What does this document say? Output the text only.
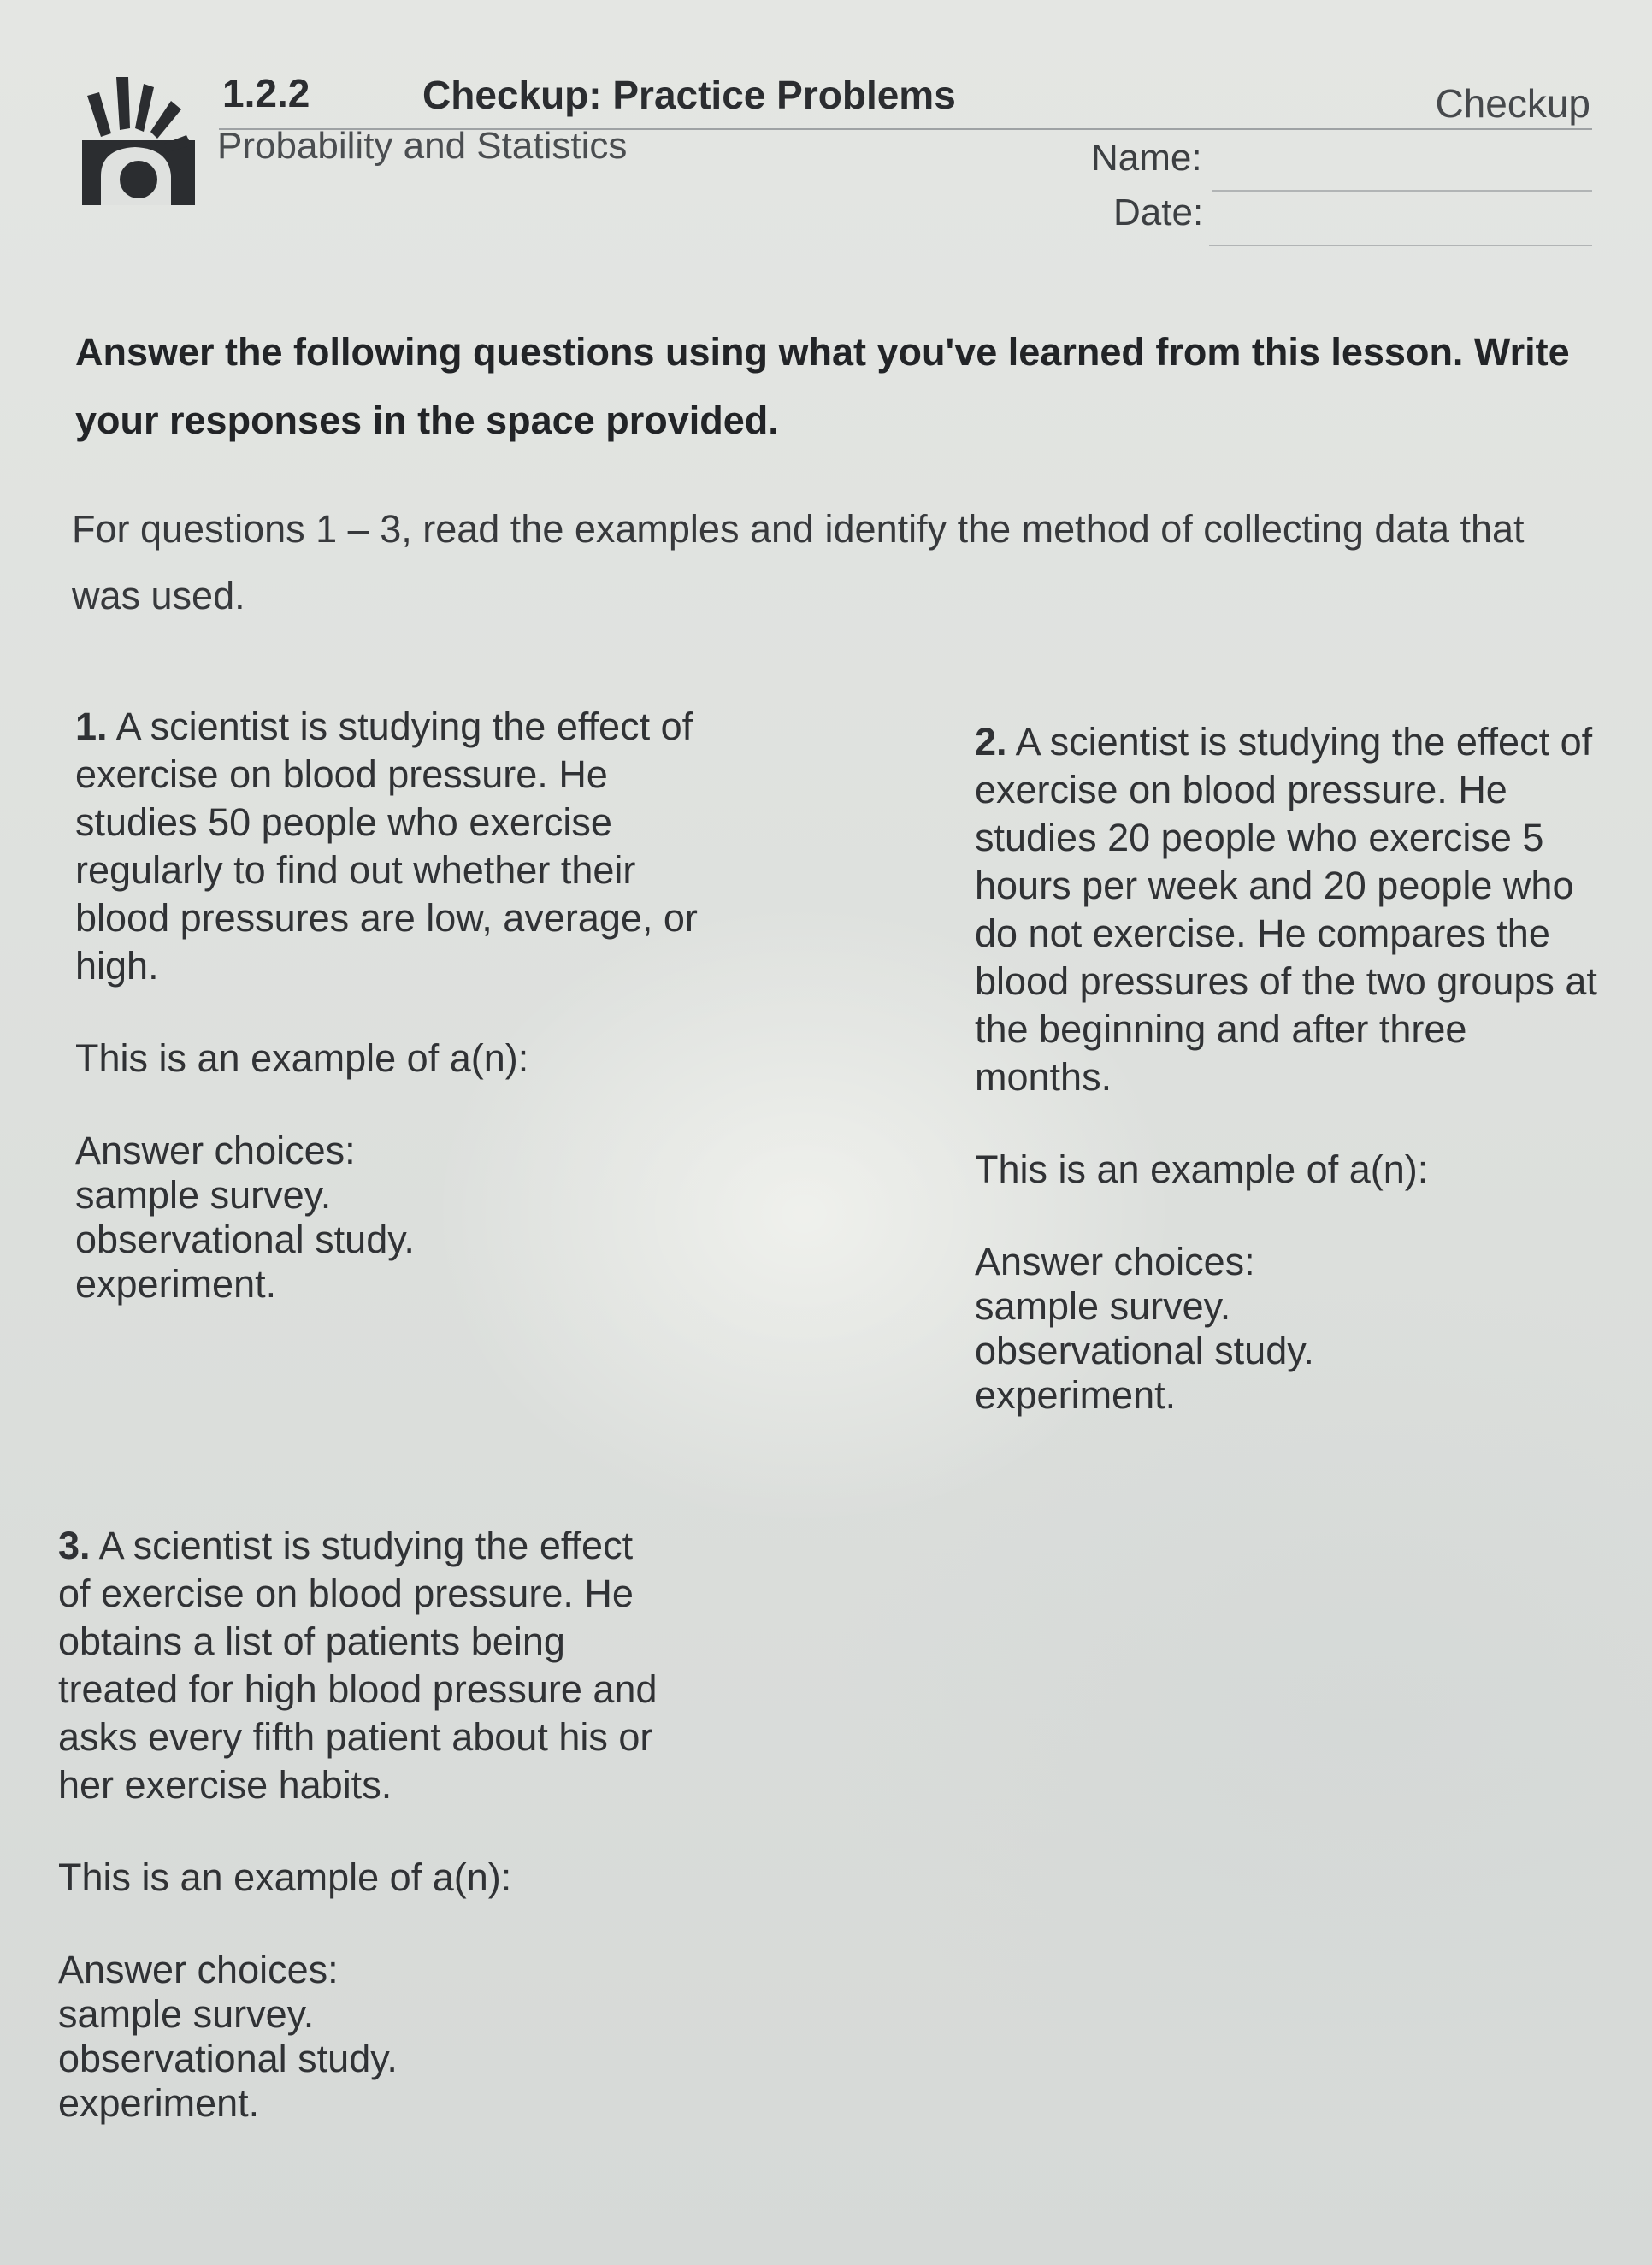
1.2.2	Checkup: Practice Problems	Checkup
Probability and Statistics	Name:
Date:
Answer the following questions using what you've learned from this lesson. Write your responses in the space provided.
For questions 1 – 3, read the examples and identify the method of collecting data that was used.
1. A scientist is studying the effect of exercise on blood pressure. He studies 50 people who exercise regularly to find out whether their blood pressures are low, average, or high.
This is an example of a(n):
Answer choices:
sample survey.
observational study.
experiment.
2. A scientist is studying the effect of exercise on blood pressure. He studies 20 people who exercise 5 hours per week and 20 people who do not exercise. He compares the blood pressures of the two groups at the beginning and after three months.
This is an example of a(n):
Answer choices:
sample survey.
observational study.
experiment.
3. A scientist is studying the effect of exercise on blood pressure. He obtains a list of patients being treated for high blood pressure and asks every fifth patient about his or her exercise habits.
This is an example of a(n):
Answer choices:
sample survey.
observational study.
experiment.
